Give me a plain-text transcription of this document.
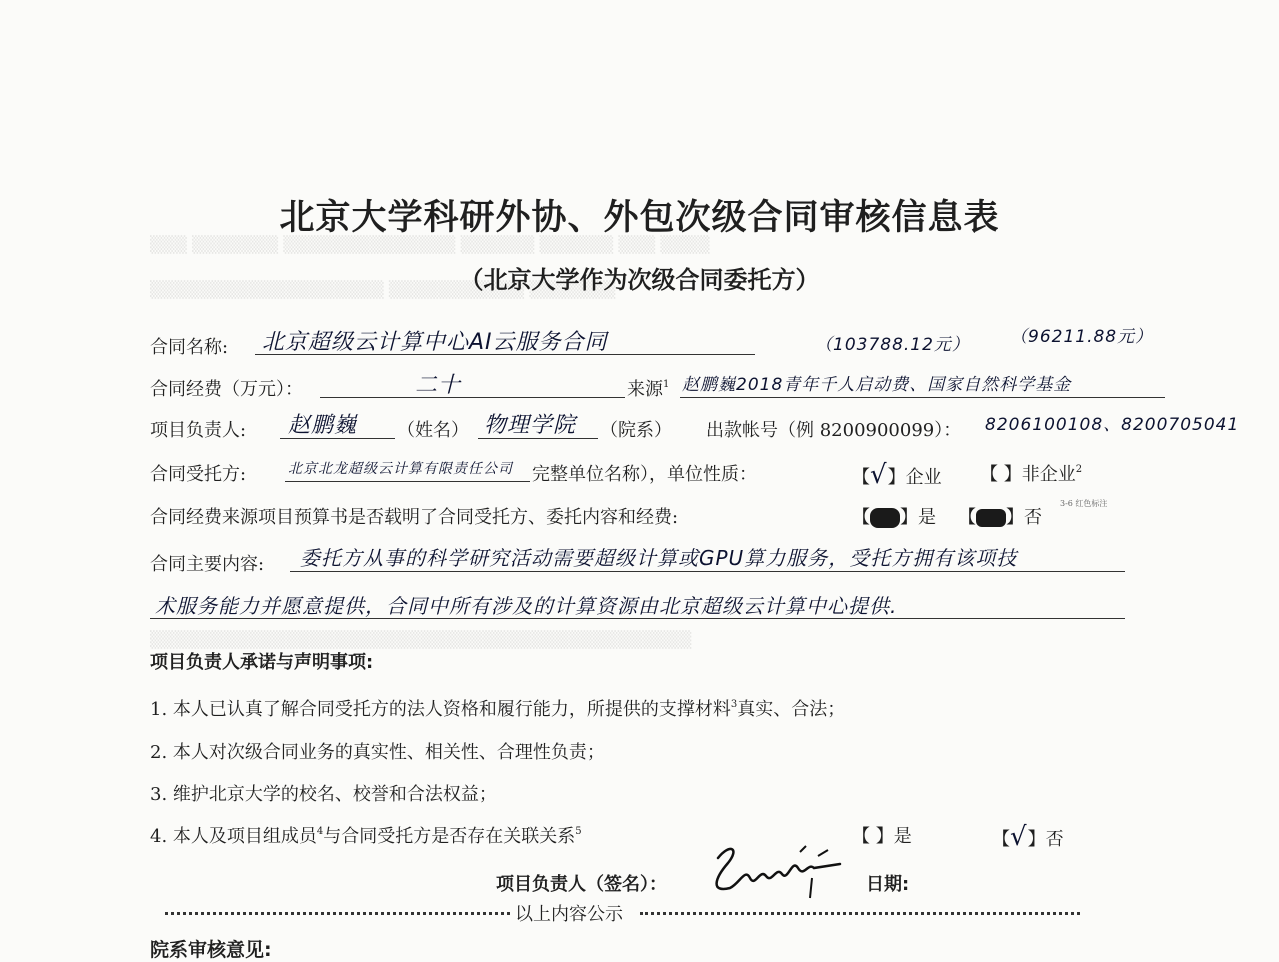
▒▒▒ ▒▒▒▒▒▒▒ ▒▒▒▒▒▒▒▒▒▒▒▒▒▒ ▒▒▒▒▒▒ ▒▒▒▒▒▒ ▒▒▒ ▒▒▒▒
▒▒▒▒▒▒▒▒▒▒▒▒▒▒▒▒▒▒▒ ▒▒▒▒▒▒▒▒▒▒▒ ▒▒▒▒▒▒▒
▒▒▒▒▒▒▒▒▒▒▒▒▒▒▒▒▒▒▒▒▒▒▒▒▒▒▒▒▒▒▒▒▒▒▒▒▒▒▒▒▒▒▒▒
北京大学科研外协、外包次级合同审核信息表
（北京大学作为次级合同委托方）
合同名称: 北京超级云计算中心AI云服务合同	（103788.12元） （96211.88元）
合同经费（万元）：	二十	来源$^1$ 赵鹏巍2018青年千人启动费、国家自然科学基金
项目负责人: 赵鹏巍 （姓名） 物理学院 （院系） 出款帐号（例 8200900099）： 8206100108、8200705041
合同受托方:	北京北龙超级云计算有限责任公司 完整单位名称），单位性质：	【√】企业 【 】非企业$^2$
合同经费来源项目预算书是否载明了合同受托方、委托内容和经费:	【 】是 【 】否
3-6 红色标注
合同主要内容: 委托方从事的科学研究活动需要超级计算或GPU算力服务，受托方拥有该项技
术服务能力并愿意提供，合同中所有涉及的计算资源由北京超级云计算中心提供.
项目负责人承诺与声明事项:
1. 本人已认真了解合同受托方的法人资格和履行能力，所提供的支撑材料$^3$真实、合法；
2. 本人对次级合同业务的真实性、相关性、合理性负责；
3. 维护北京大学的校名、校誉和合法权益；
4. 本人及项目组成员$^4$与合同受托方是否存在关联关系$^5$	【 】是	【√】否
项目负责人（签名）：	日期:
以上内容公示
院系审核意见:
